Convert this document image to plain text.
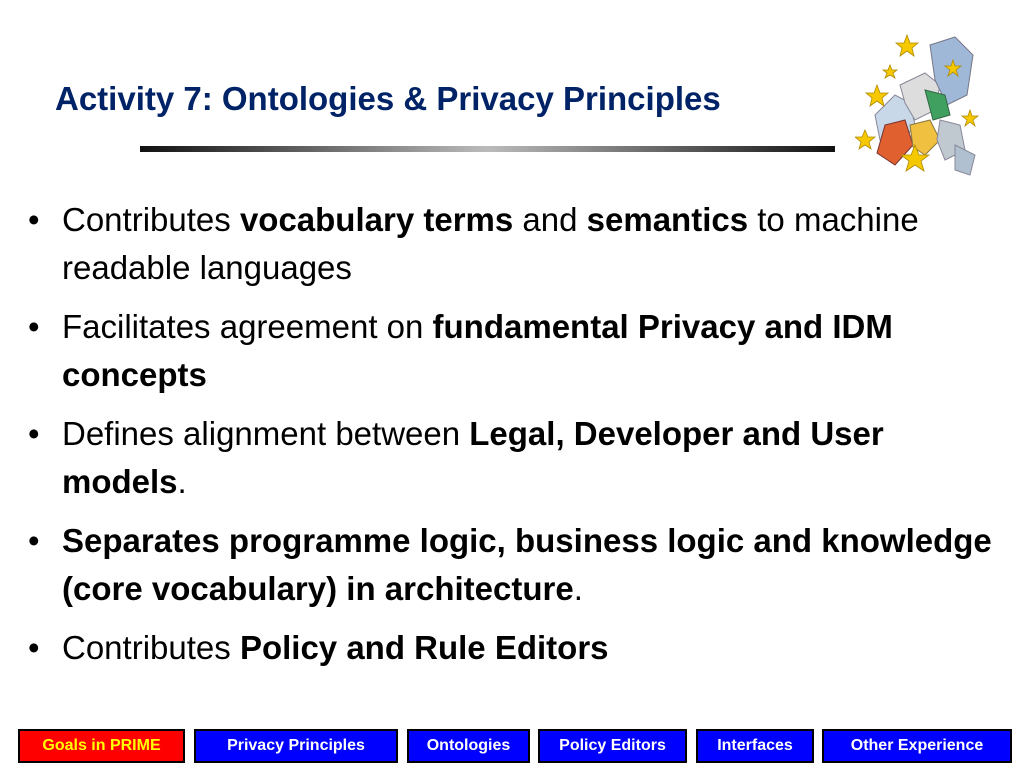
Activity 7: Ontologies & Privacy Principles
• Contributes vocabulary terms and semantics to machine readable languages
• Facilitates agreement on fundamental Privacy and IDM concepts
• Defines alignment between Legal, Developer and User models.
• Separates programme logic, business logic and knowledge (core vocabulary) in architecture.
• Contributes Policy and Rule Editors
Goals in PRIME	Privacy Principles	Ontologies	Policy Editors	Interfaces	Other Experience
